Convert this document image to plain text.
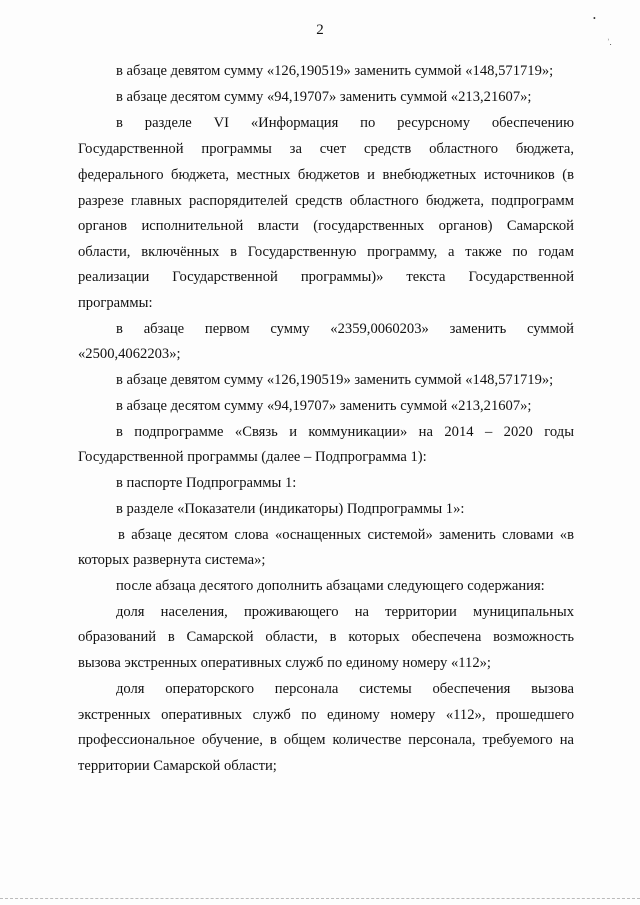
2
•
ʾ.
в абзаце девятом сумму «126,190519» заменить суммой «148,571719»;
в абзаце десятом сумму «94,19707» заменить суммой «213,21607»;
в разделе VI «Информация по ресурсному обеспечению
Государственной программы за счет средств областного бюджета,
федерального бюджета, местных бюджетов и внебюджетных источников (в
разрезе главных распорядителей средств областного бюджета, подпрограмм
органов исполнительной власти (государственных органов) Самарской
области, включённых в Государственную программу, а также по годам
реализации Государственной программы)» текста Государственной
программы:
в абзаце первом сумму «2359,0060203» заменить суммой
«2500,4062203»;
в абзаце девятом сумму «126,190519» заменить суммой «148,571719»;
в абзаце десятом сумму «94,19707» заменить суммой «213,21607»;
в подпрограмме «Связь и коммуникации» на 2014 – 2020 годы
Государственной программы (далее – Подпрограмма 1):
в паспорте Подпрограммы 1:
в разделе «Показатели (индикаторы) Подпрограммы 1»:
в абзаце десятом слова «оснащенных системой» заменить словами «в
которых развернута система»;
после абзаца десятого дополнить абзацами следующего содержания:
доля населения, проживающего на территории муниципальных
образований в Самарской области, в которых обеспечена возможность
вызова экстренных оперативных служб по единому номеру «112»;
доля операторского персонала системы обеспечения вызова
экстренных оперативных служб по единому номеру «112», прошедшего
профессиональное обучение, в общем количестве персонала, требуемого на
территории Самарской области;
